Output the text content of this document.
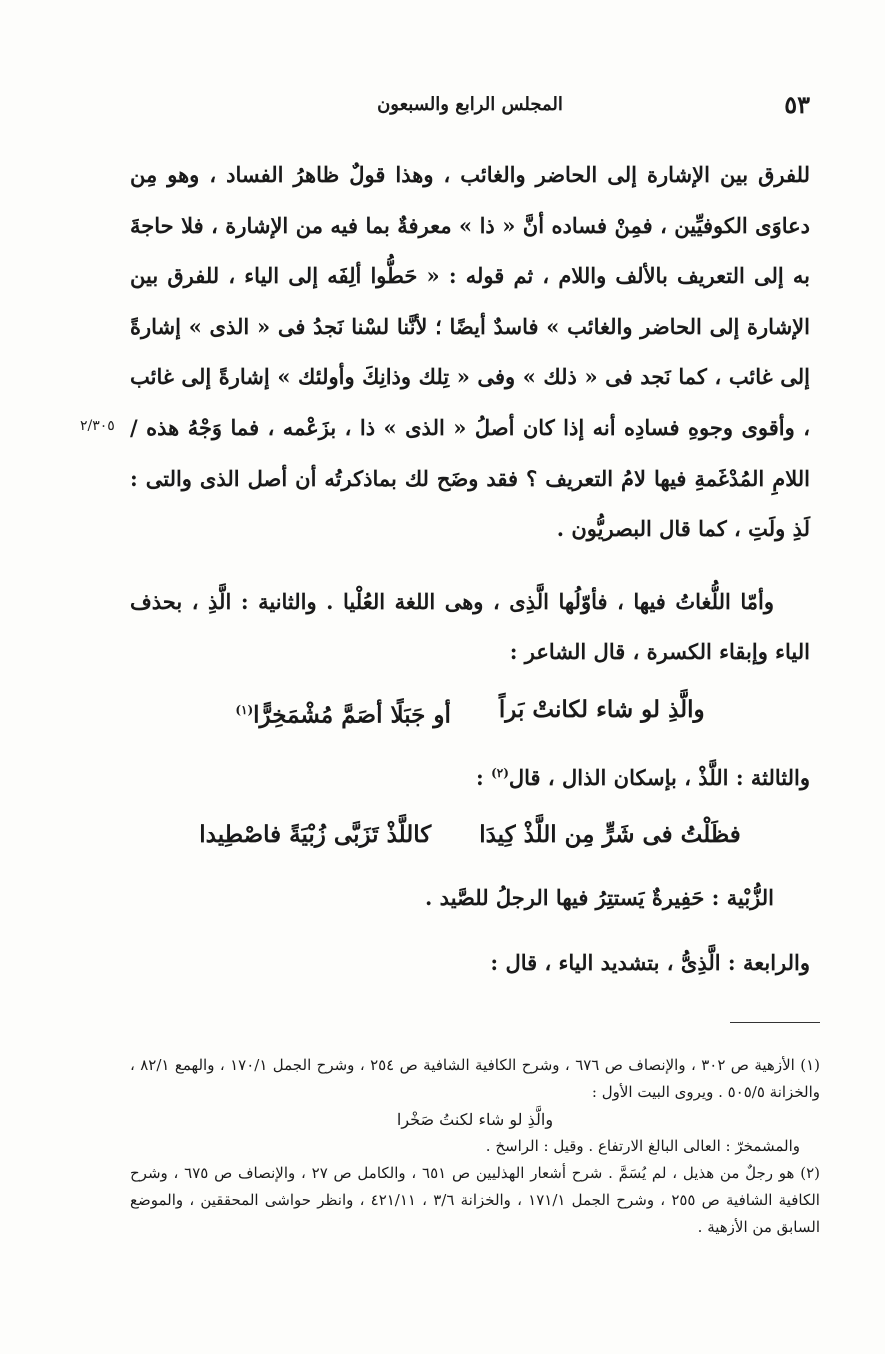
٥٣
المجلس الرابع والسبعون
٢/٣٠٥

للفرق بين الإشارة إلى الحاضر والغائب ، وهذا قولٌ ظاهرُ الفساد ، وهو مِن دعاوَى الكوفيِّين ، فمِنْ فساده أنَّ « ذا » معرفةٌ بما فيه من الإشارة ، فلا حاجةَ به إلى التعريف بالألف واللام ، ثم قوله : « حَطُّوا ألِفَه إلى الياء ، للفرق بين الإشارة إلى الحاضر والغائب » فاسدٌ أيضًا ؛ لأنَّنا لسْنا نَجدُ فى « الذى » إشارةً إلى غائب ، كما نَجد فى « ذلك » وفى « تِلك وذانِكَ وأولئك » إشارةً إلى غائب ، وأقوى وجوهِ فسادِه أنه إذا كان أصلُ « الذى » ذا ، بزَعْمه ، فما وَجْهُ هذه / اللامِ المُدْغَمةِ فيها لامُ التعريف ؟ فقد وضَح لك بماذكرتُه أن أصل الذى والتى : لَذِ ولَتِ ، كما قال البصريُّون .

وأمّا اللُّغاتُ فيها ، فأوّلُها الَّذِى ، وهى اللغة العُلْيا . والثانية : الَّذِ ، بحذف الياء وإبقاء الكسرة ، قال الشاعر :

والَّذِ لو شاء لكانتْ بَراً
أو جَبَلًا أصَمَّ مُشْمَخِرًّا$^{(١)}$

والثالثة : اللَّذْ ، بإسكان الذال ، قال$^{(٢)}$ :

فظَلْتُ فى شَرٍّ مِن اللَّذْ كِيدَا
كاللَّذْ تَزَبَّى زُبْيَةً فاصْطِيدا

الزُّبْية : حَفِيرةٌ يَستتِرُ فيها الرجلُ للصَّيد .

والرابعة : الَّذِىُّ ، بتشديد الياء ، قال :

(١) الأزهية ص ٣٠٢ ، والإنصاف ص ٦٧٦ ، وشرح الكافية الشافية ص ٢٥٤ ، وشرح الجمل ١٧٠/١ ، والهمع ٨٢/١ ، والخزانة ٥٠٥/٥ . ويروى البيت الأول :

والَّذِ لو شاء لكنتُ صَخْرا

والمشمخرّ : العالى البالغ الارتفاع . وقيل : الراسخ .

(٢) هو رجلٌ من هذيل ، لم يُسَمَّ . شرح أشعار الهذليين ص ٦٥١ ، والكامل ص ٢٧ ، والإنصاف ص ٦٧٥ ، وشرح الكافية الشافية ص ٢٥٥ ، وشرح الجمل ١٧١/١ ، والخزانة ٣/٦ ، ٤٢١/١١ ، وانظر حواشى المحققين ، والموضع السابق من الأزهية .
